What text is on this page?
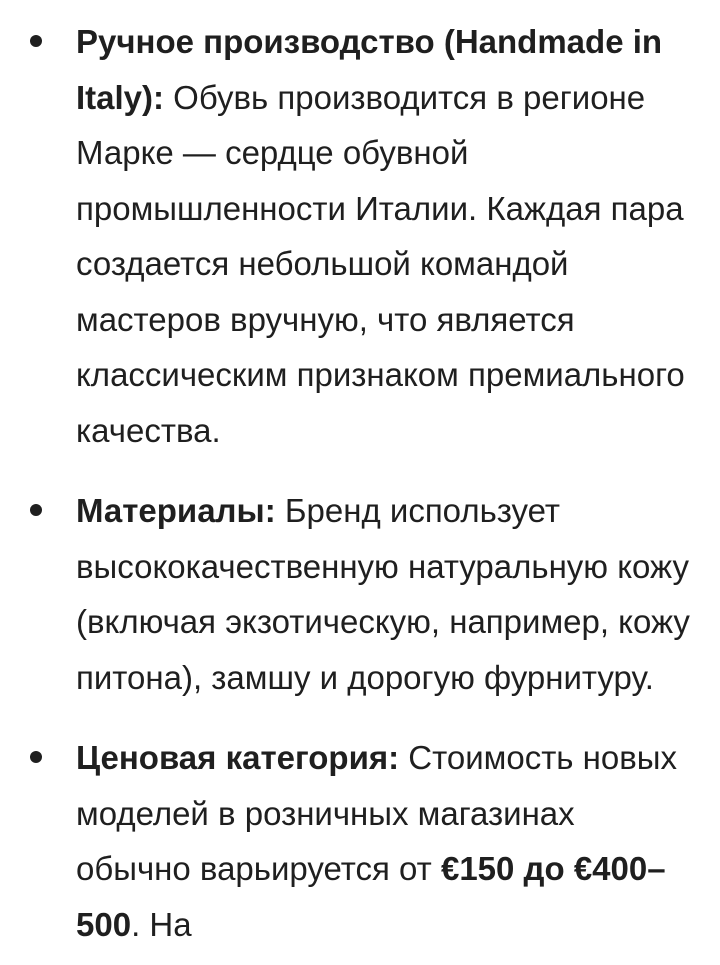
Ручное производство (Handmade in Italy): Обувь производится в регионе Марке — сердце обувной промышленности Италии. Каждая пара создается небольшой командой мастеров вручную, что является классическим признаком премиального качества.
Материалы: Бренд использует высококачественную натуральную кожу (включая экзотическую, например, кожу питона), замшу и дорогую фурнитуру.
Ценовая категория: Стоимость новых моделей в розничных магазинах обычно варьируется от €150 до €400–500. На
